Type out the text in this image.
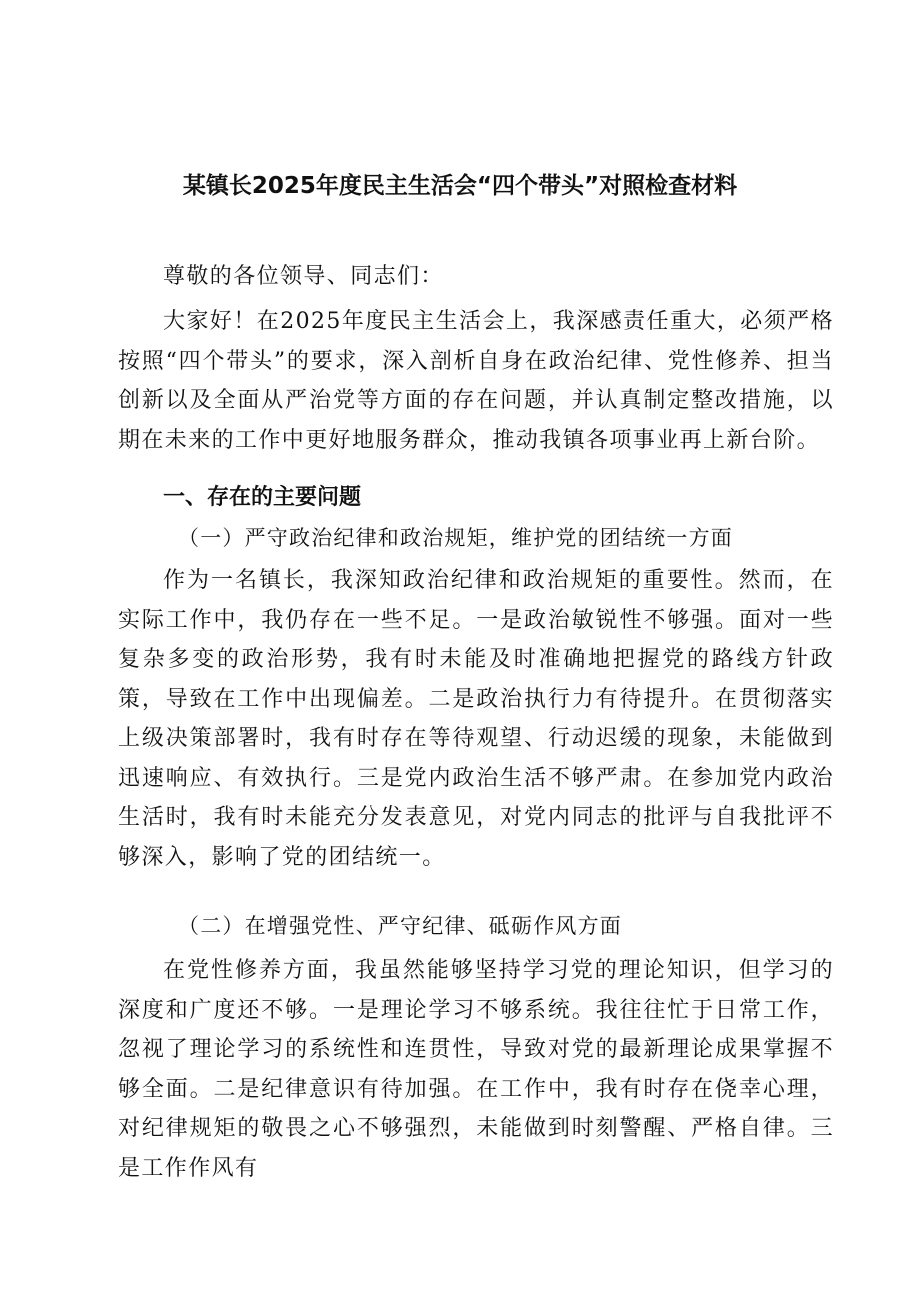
某镇长2025年度民主生活会“四个带头”对照检查材料
尊敬的各位领导、同志们：
大家好！在2025年度民主生活会上，我深感责任重大，必须严格按照“四个带头”的要求，深入剖析自身在政治纪律、党性修养、担当创新以及全面从严治党等方面的存在问题，并认真制定整改措施，以期在未来的工作中更好地服务群众，推动我镇各项事业再上新台阶。
一、存在的主要问题
（一）严守政治纪律和政治规矩，维护党的团结统一方面
作为一名镇长，我深知政治纪律和政治规矩的重要性。然而，在实际工作中，我仍存在一些不足。一是政治敏锐性不够强。面对一些复杂多变的政治形势，我有时未能及时准确地把握党的路线方针政策，导致在工作中出现偏差。二是政治执行力有待提升。在贯彻落实上级决策部署时，我有时存在等待观望、行动迟缓的现象，未能做到迅速响应、有效执行。三是党内政治生活不够严肃。在参加党内政治生活时，我有时未能充分发表意见，对党内同志的批评与自我批评不够深入，影响了党的团结统一。
（二）在增强党性、严守纪律、砥砺作风方面
在党性修养方面，我虽然能够坚持学习党的理论知识，但学习的深度和广度还不够。一是理论学习不够系统。我往往忙于日常工作，忽视了理论学习的系统性和连贯性，导致对党的最新理论成果掌握不够全面。二是纪律意识有待加强。在工作中，我有时存在侥幸心理，对纪律规矩的敬畏之心不够强烈，未能做到时刻警醒、严格自律。三是工作作风有
